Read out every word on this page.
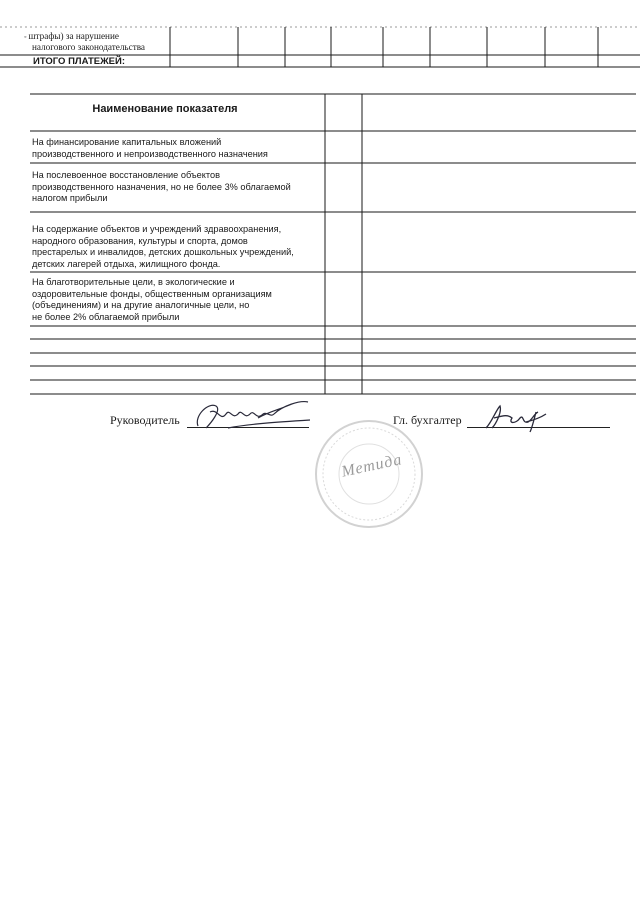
◦ штрафы) за нарушение
налогового законодательства
ИТОГО ПЛАТЕЖЕЙ:
Наименование показателя
На финансирование капитальных вложений
производственного и непроизводственного назначения
На послевоенное восстановление объектов
производственного назначения, но не более 3% облагаемой
налогом прибыли
На содержание объектов и учреждений здравоохранения,
народного образования, культуры и спорта, домов
престарелых и инвалидов, детских дошкольных учреждений,
детских лагерей отдыха, жилищного фонда.
На благотворительные цели, в экологические и
оздоровительные фонды, общественным организациям
(объединениям) и на другие аналогичные цели, но
не более 2% облагаемой прибыли
Руководитель	Гл. бухгалтер
Метида
